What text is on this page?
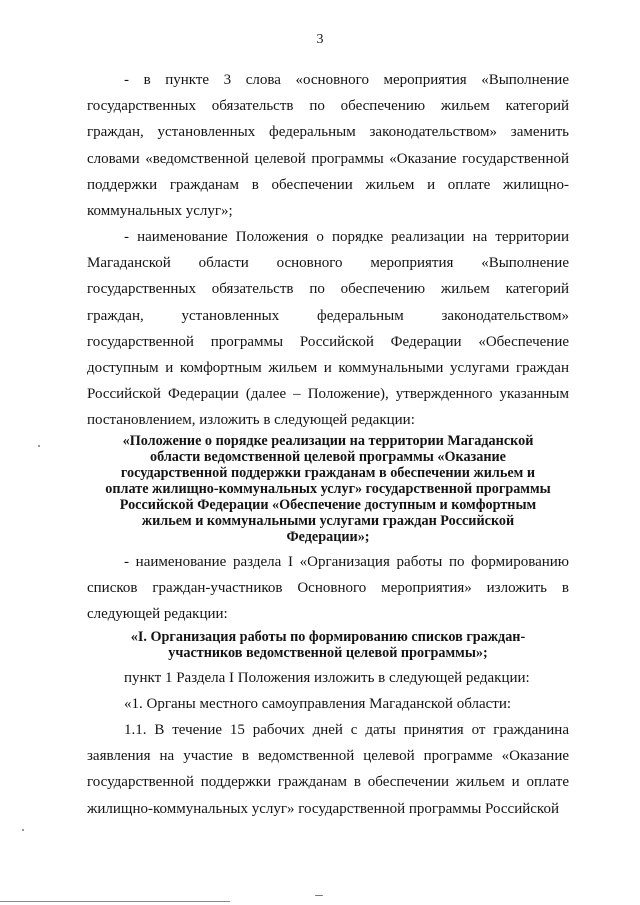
3

- в пункте 3 слова «основного мероприятия «Выполнение государственных обязательств по обеспечению жильем категорий граждан, установленных федеральным законодательством» заменить словами «ведомственной целевой программы «Оказание государственной поддержки гражданам в обеспечении жильем и оплате жилищно-коммунальных услуг»;

- наименование Положения о порядке реализации на территории Магаданской области основного мероприятия «Выполнение государственных обязательств по обеспечению жильем категорий граждан, установленных федеральным законодательством» государственной программы Российской Федерации «Обеспечение доступным и комфортным жильем и коммунальными услугами граждан Российской Федерации (далее – Положение), утвержденного указанным постановлением, изложить в следующей редакции:

«Положение о порядке реализации на территории Магаданской области ведомственной целевой программы «Оказание государственной поддержки гражданам в обеспечении жильем и оплате жилищно-коммунальных услуг» государственной программы Российской Федерации «Обеспечение доступным и комфортным жильем и коммунальными услугами граждан Российской Федерации»;

- наименование раздела I «Организация работы по формированию списков граждан-участников Основного мероприятия» изложить в следующей редакции:

«I. Организация работы по формированию списков граждан-участников ведомственной целевой программы»;

пункт 1 Раздела I Положения изложить в следующей редакции:

«1. Органы местного самоуправления Магаданской области:

1.1. В течение 15 рабочих дней с даты принятия от гражданина заявления на участие в ведомственной целевой программе «Оказание государственной поддержки гражданам в обеспечении жильем и оплате жилищно-коммунальных услуг» государственной программы Российской
